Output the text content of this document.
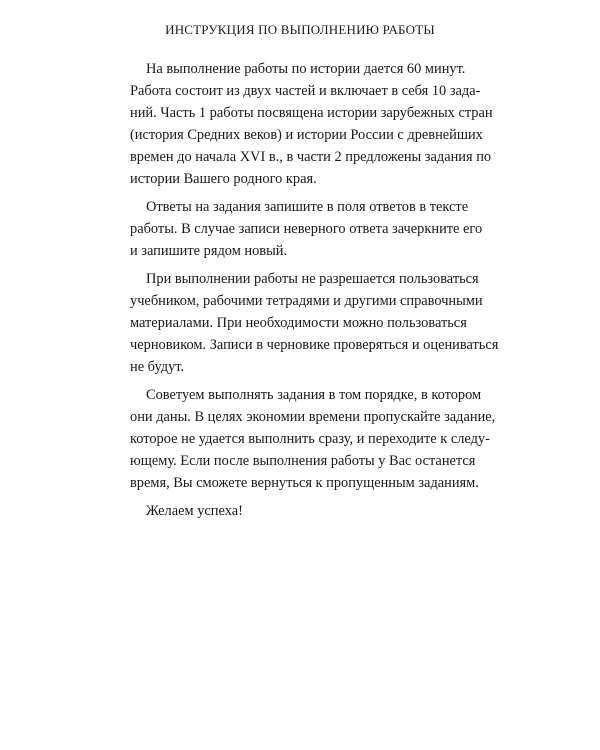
ИНСТРУКЦИЯ ПО ВЫПОЛНЕНИЮ РАБОТЫ
На выполнение работы по истории дается 60 минут.
Работа состоит из двух частей и включает в себя 10 зада-
ний. Часть 1 работы посвящена истории зарубежных стран
(история Средних веков) и истории России с древнейших
времен до начала XVI в., в части 2 предложены задания по
истории Вашего родного края.
Ответы на задания запишите в поля ответов в тексте
работы. В случае записи неверного ответа зачеркните его
и запишите рядом новый.
При выполнении работы не разрешается пользоваться
учебником, рабочими тетрадями и другими справочными
материалами. При необходимости можно пользоваться
черновиком. Записи в черновике проверяться и оцениваться
не будут.
Советуем выполнять задания в том порядке, в котором
они даны. В целях экономии времени пропускайте задание,
которое не удается выполнить сразу, и переходите к следу-
ющему. Если после выполнения работы у Вас останется
время, Вы сможете вернуться к пропущенным заданиям.
Желаем успеха!
